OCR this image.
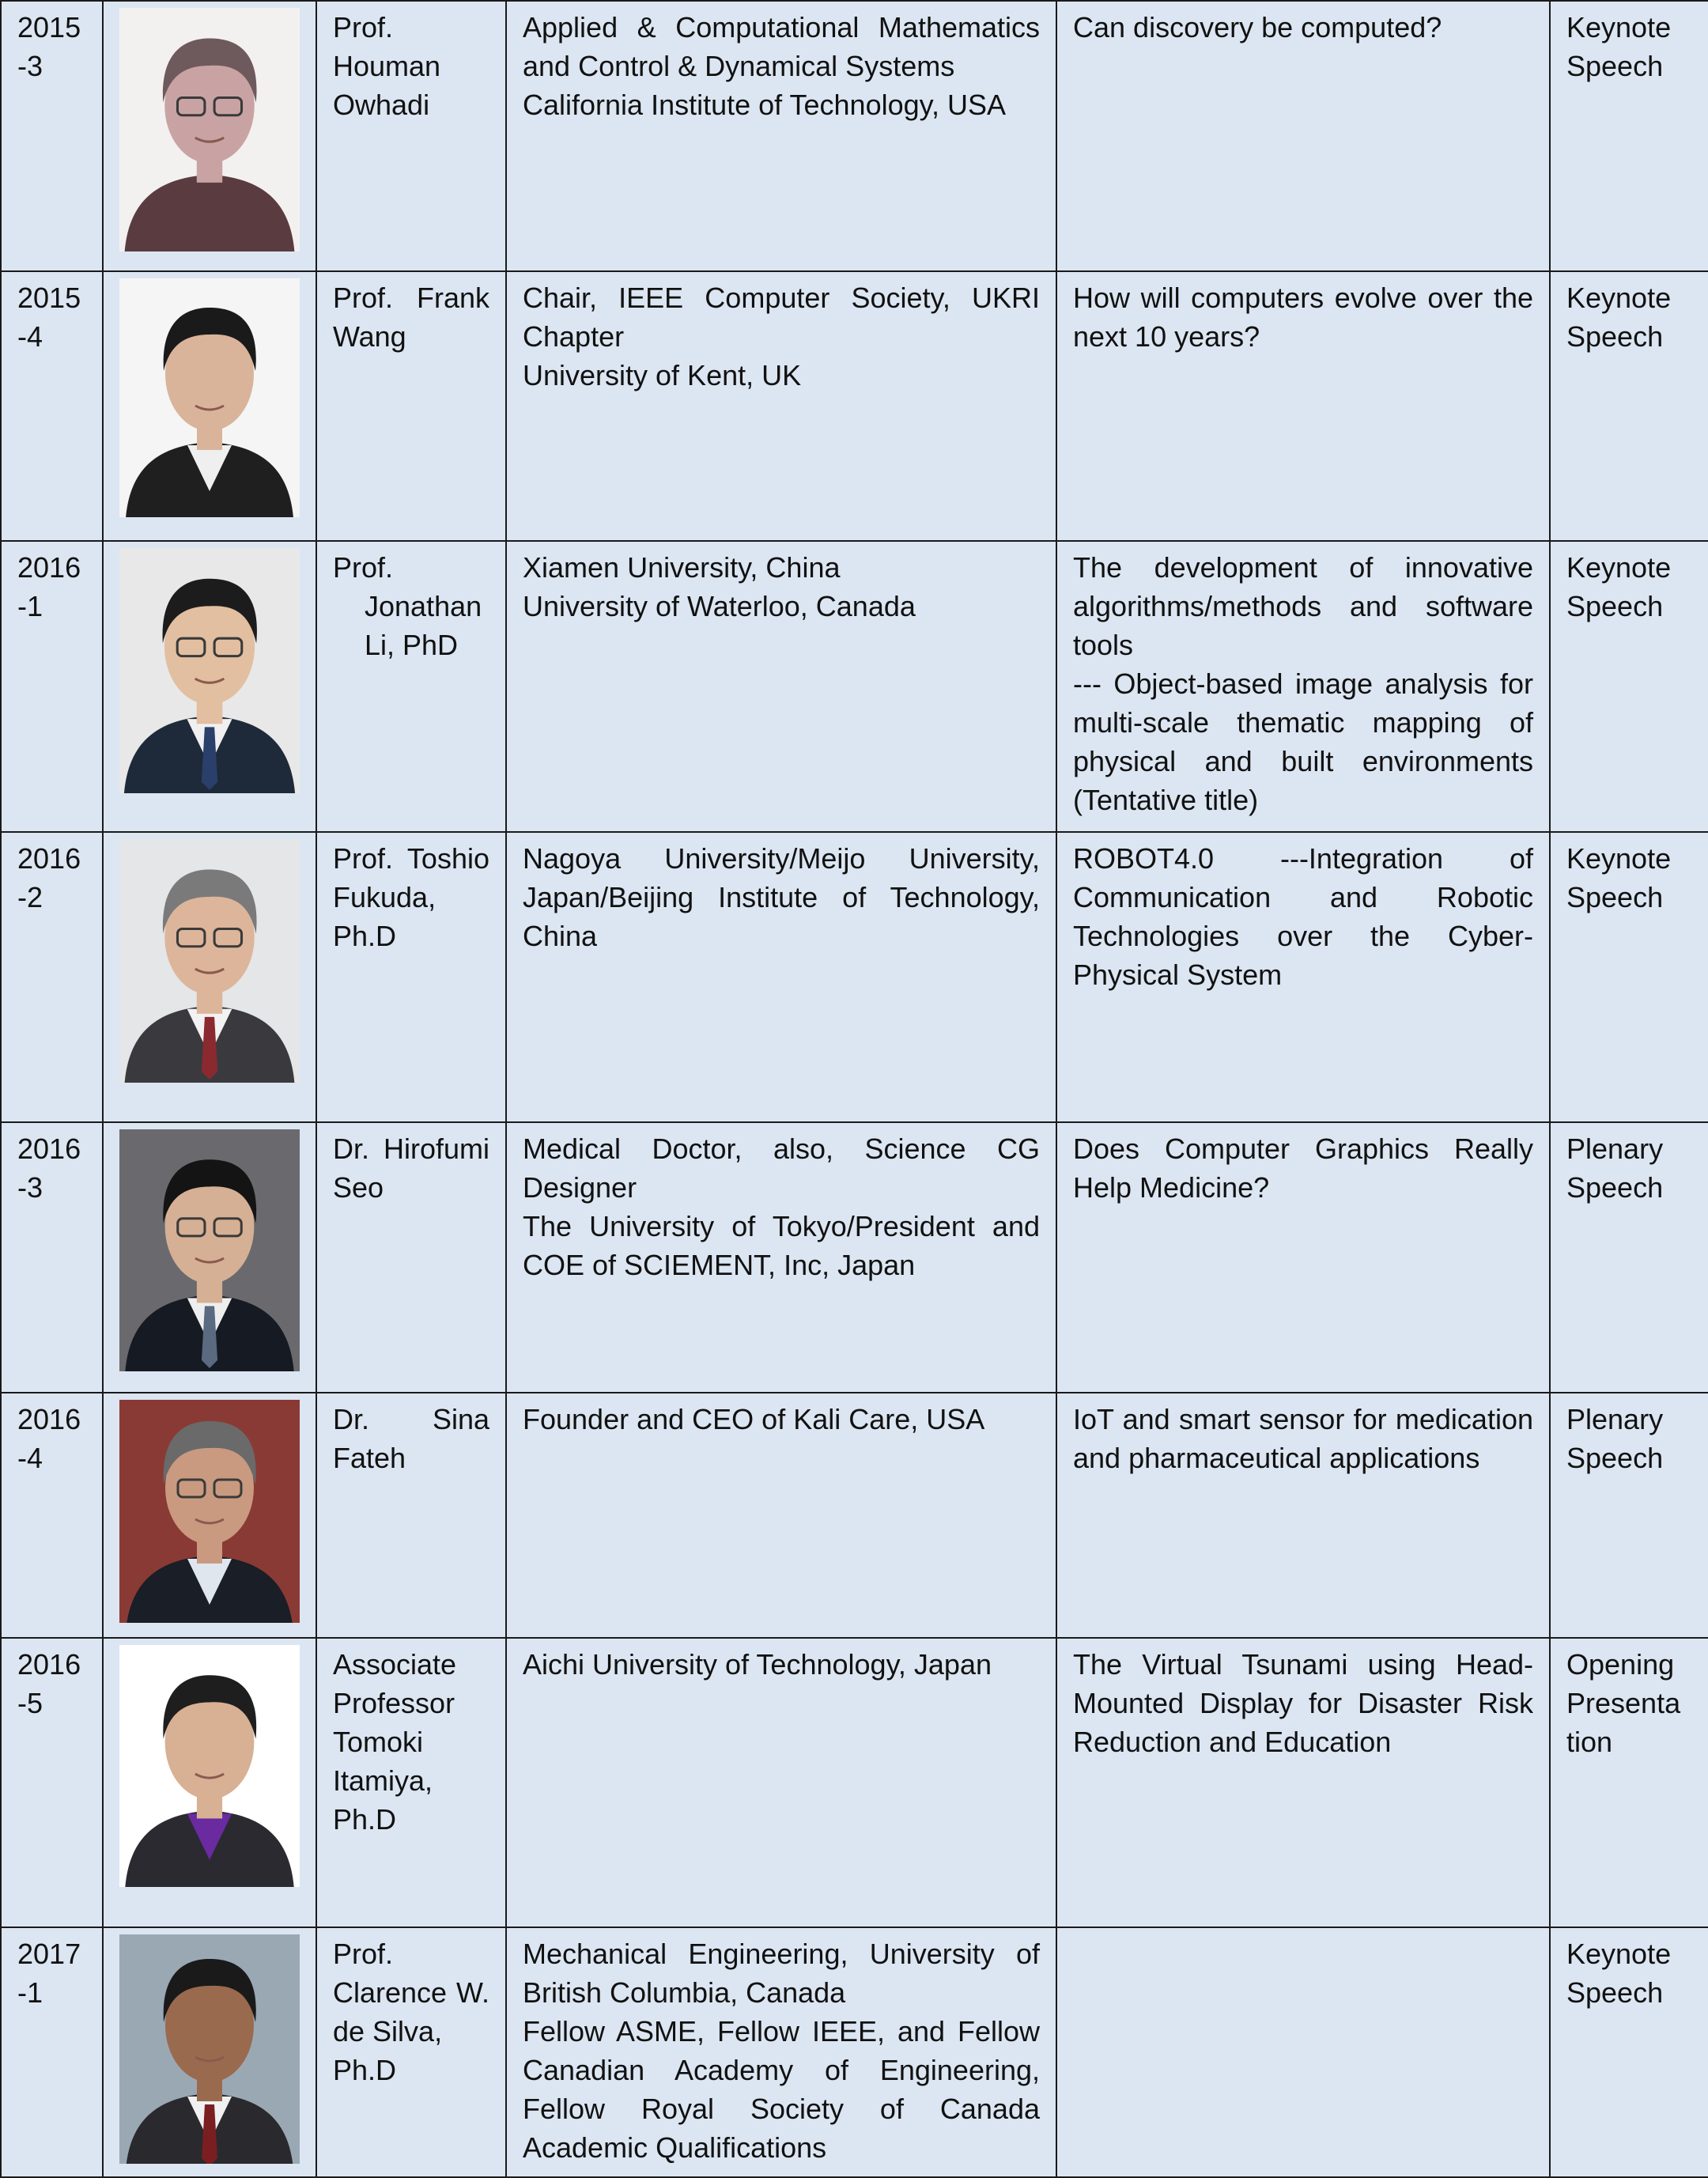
2015
-3		Prof.
Houman
Owhadi	Applied & Computational Mathematics and Control & Dynamical Systems
California Institute of Technology, USA	Can discovery be computed?	Keynote
Speech

2015
-4		Prof. Frank Wang	Chair, IEEE Computer Society, UKRI Chapter
University of Kent, UK	How will computers evolve over the next 10 years?	Keynote
Speech

2016
-1		Prof.
Jonathan
Li, PhD	Xiamen University, China
University of Waterloo, Canada	The development of innovative algorithms/methods and software tools
--- Object-based image analysis for multi-scale thematic mapping of physical and built environments (Tentative title)	Keynote
Speech

2016
-2		Prof. Toshio Fukuda,
Ph.D	Nagoya University/Meijo University, Japan/Beijing Institute of Technology, China	ROBOT4.0 ---Integration of Communication and Robotic Technologies over the Cyber-Physical System	Keynote
Speech

2016
-3		Dr. Hirofumi Seo	Medical Doctor, also, Science CG Designer
The University of Tokyo/President and COE of SCIEMENT, Inc, Japan	Does Computer Graphics Really Help Medicine?	Plenary
Speech

2016
-4		Dr. Sina Fateh	Founder and CEO of Kali Care, USA	IoT and smart sensor for medication and pharmaceutical applications	Plenary
Speech

2016
-5		Associate Professor Tomoki Itamiya,
Ph.D	Aichi University of Technology, Japan	The Virtual Tsunami using Head-Mounted Display for Disaster Risk Reduction and Education	Opening
Presenta
tion

2017
-1		Prof. Clarence W. de Silva,
Ph.D	Mechanical Engineering, University of British Columbia, Canada
Fellow ASME, Fellow IEEE, and Fellow Canadian Academy of Engineering, Fellow Royal Society of Canada Academic Qualifications		Keynote
Speech
